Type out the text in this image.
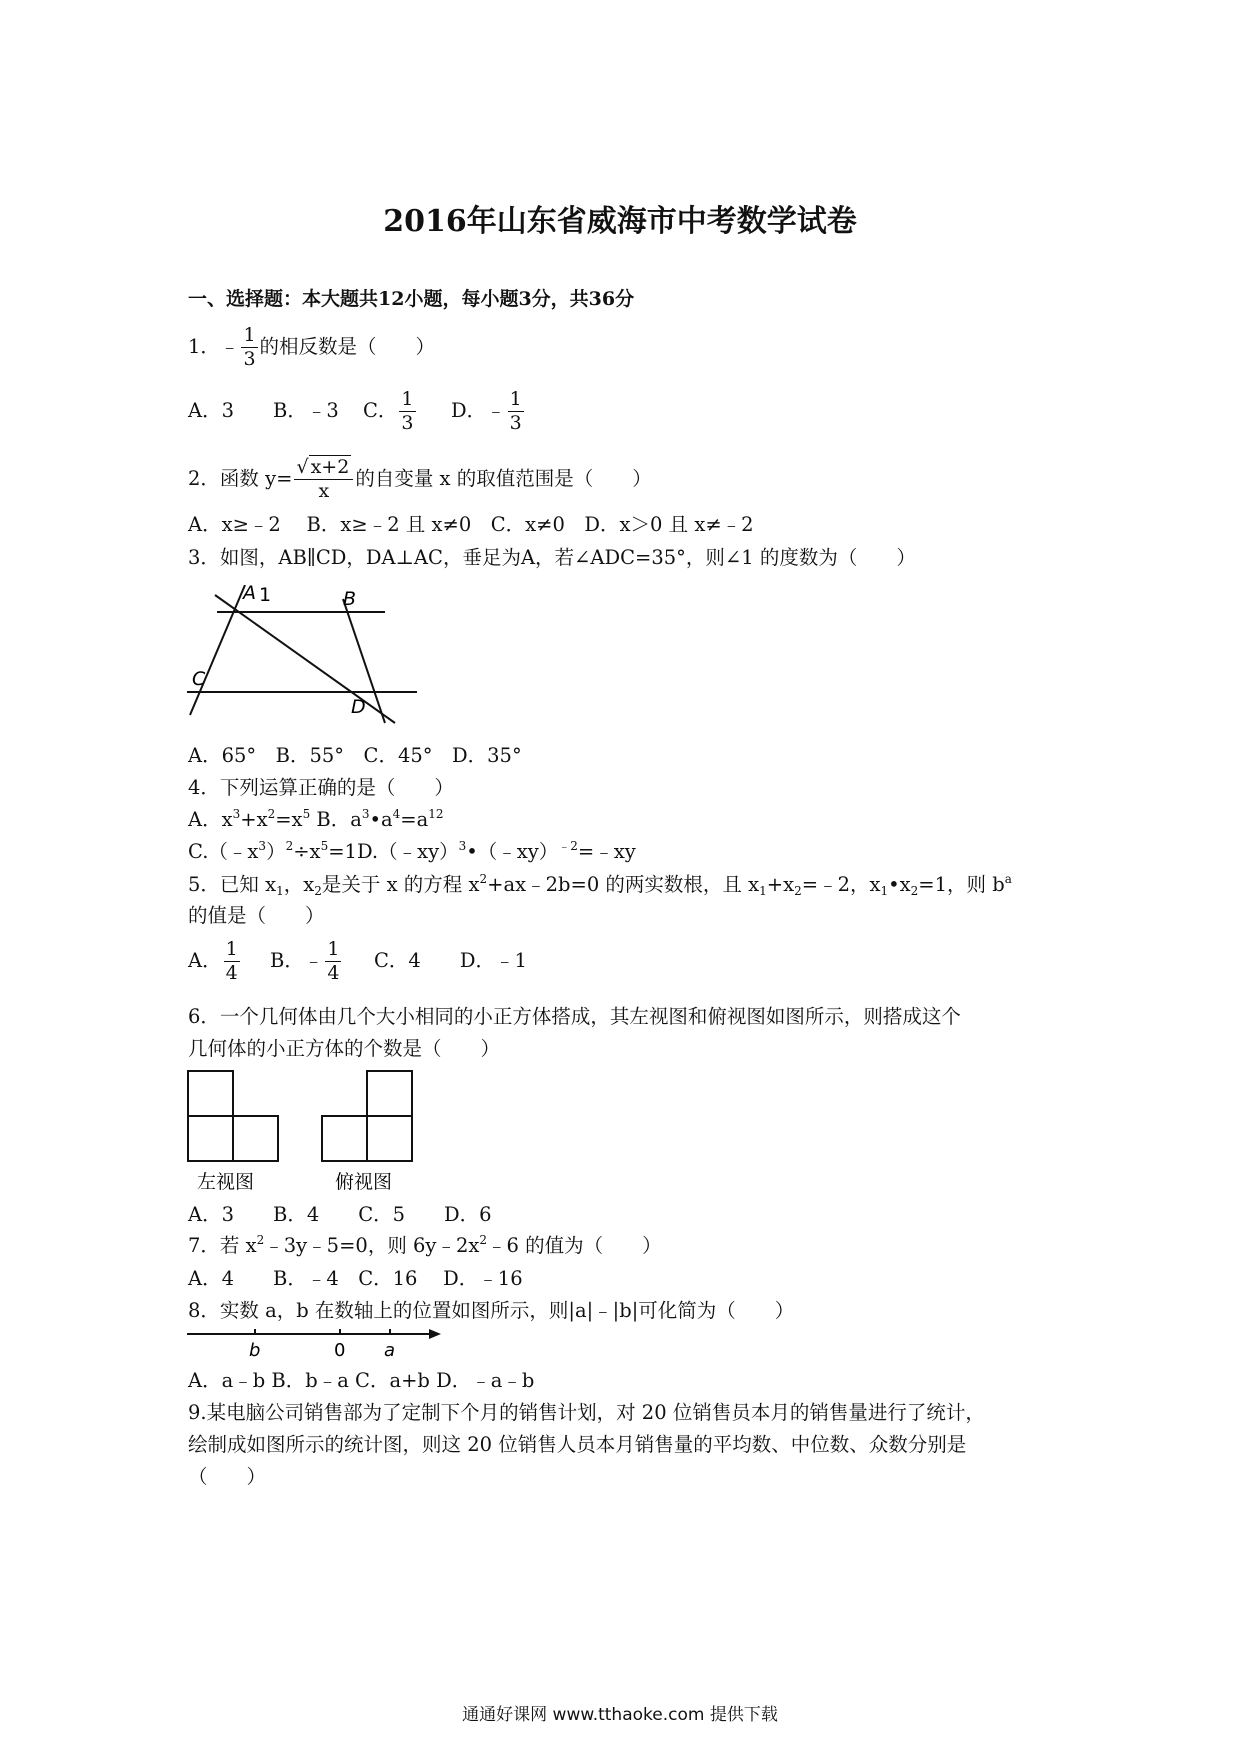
2016年山东省威海市中考数学试卷
一、选择题：本大题共12小题，每小题3分，共36分
1．﹣ $\frac{1}{3}$ 的相反数是（　　）
A．3 B．﹣3 C． $\frac{1}{3}$ D．﹣ $\frac{1}{3}$
2．函数 $y= \frac{√ x+2}{x}$ 的自变量 x 的取值范围是（　　）
A．x≥﹣2　 B．x≥﹣2 且 x≠0　C．x≠0　D．x＞0 且 x≠﹣2
3．如图，AB∥CD，DA⊥AC，垂足为A，若∠ADC=35°，则∠1 的度数为（　　）
A 1	B
C
D
A．65°　B．55°　C．45°　D．35°
4．下列运算正确的是（　　）
A．$x^3+x^2=x^5$ B．$a^3•a^4=a^{12}$
$C.(﹣x^3)^2\div x^5=1D.(﹣xy)^3•(﹣xy)^{﹣2}=﹣xy$
5．已知 $x_1$，$x_2$是关于 x 的方程 $x^2+ax﹣2b=0$ 的两实数根，且 $x_1+x_2=﹣2$，$x_1•x_2=1$，则 $b^a$
的值是（　　）
A． $\frac{1}{4}$ B．﹣ $\frac{1}{4}$ C．4　　D．﹣1
6．一个几何体由几个大小相同的小正方体搭成，其左视图和俯视图如图所示，则搭成这个
几何体的小正方体的个数是（　　）
左视图	俯视图
A．3　　B．4　　C．5　　D．6
7．若 $x^2﹣3y﹣5=0$，则 $6y﹣2x^2﹣6$ 的值为（　　）
A．4　　B．﹣4　C．16　 D．﹣16
8．实数 a，b 在数轴上的位置如图所示，则|a|﹣|b|可化简为（　　）
b	0 a
A．a﹣b B．b﹣a C．a+b D．﹣a﹣b
9.某电脑公司销售部为了定制下个月的销售计划，对 20 位销售员本月的销售量进行了统计，
绘制成如图所示的统计图，则这 20 位销售人员本月销售量的平均数、中位数、众数分别是
（　　）
通通好课网 www.tthaoke.com 提供下载
